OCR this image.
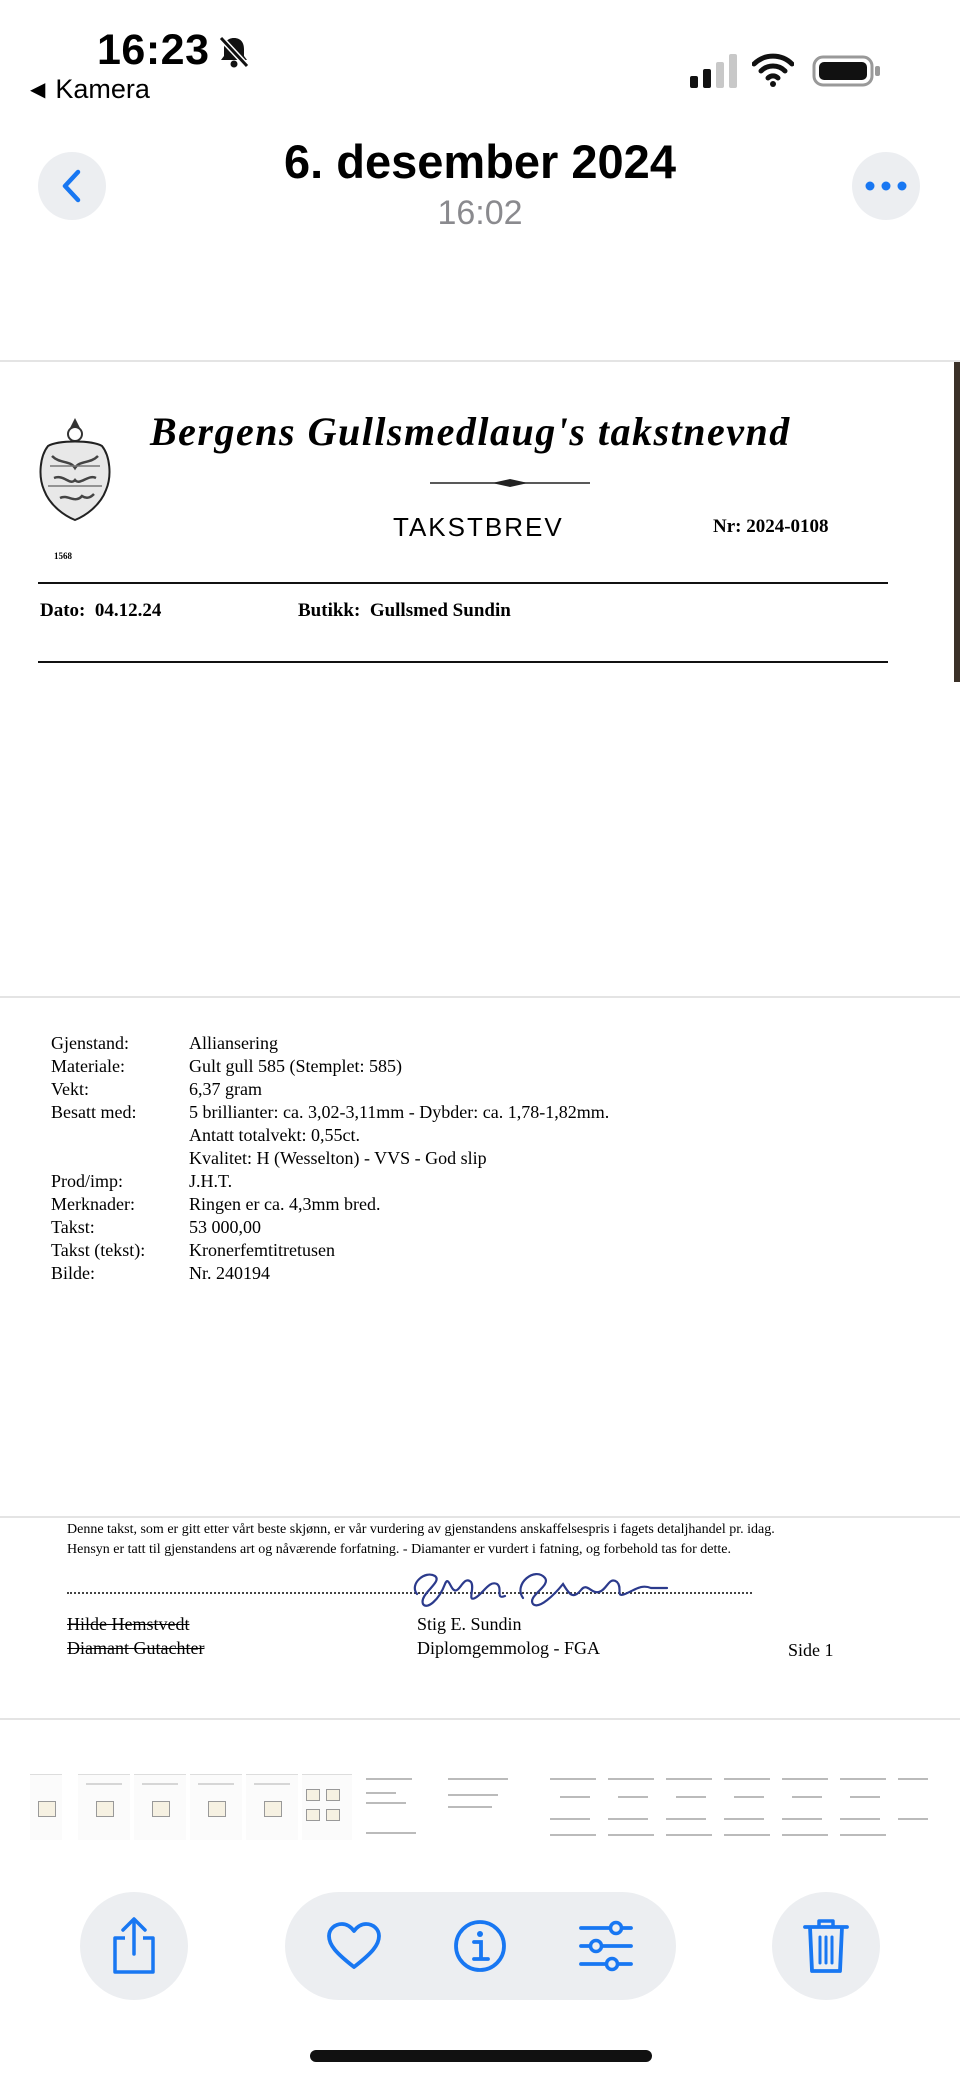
16:23
◀ Kamera
6. desember 2024
16:02
1568
Bergens Gullsmedlaug's takstnevnd
TAKSTBREV	Nr: 2024-0108
Dato: 04.12.24	Butikk: Gullsmed Sundin
Gjenstand:	Alliansering
Materiale:	Gult gull 585 (Stemplet: 585)
Vekt:	6,37 gram
Besatt med:	5 brillianter: ca. 3,02-3,11mm - Dybder: ca. 1,78-1,82mm.
Antatt totalvekt: 0,55ct.
Kvalitet: H (Wesselton) - VVS - God slip
Prod/imp:	J.H.T.
Merknader:	Ringen er ca. 4,3mm bred.
Takst:	53 000,00
Takst (tekst):	Kronerfemtitretusen
Bilde:	Nr. 240194
Denne takst, som er gitt etter vårt beste skjønn, er vår vurdering av gjenstandens anskaffelsespris i fagets detaljhandel pr. idag.
Hensyn er tatt til gjenstandens art og nåværende forfatning. - Diamanter er vurdert i fatning, og forbehold tas for dette.
Hilde Hemstvedt
Diamant Gutachter
Stig E. Sundin
Diplomgemmolog - FGA	Side 1
